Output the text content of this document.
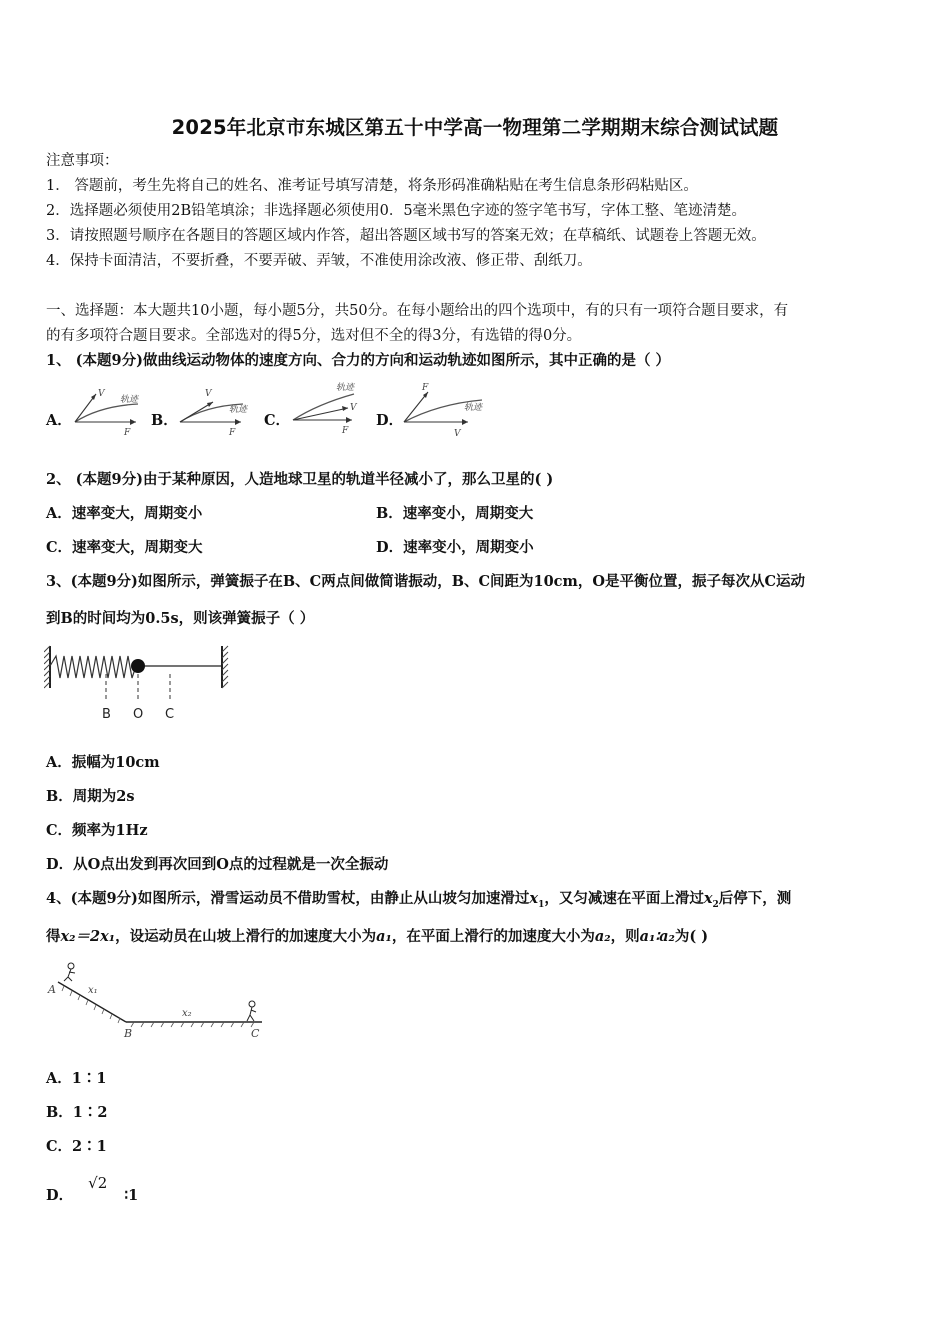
2025年北京市东城区第五十中学高一物理第二学期期末综合测试试题
注意事项：
1． 答题前，考生先将自己的姓名、准考证号填写清楚，将条形码准确粘贴在考生信息条形码粘贴区。
2．选择题必须使用2B铅笔填涂；非选择题必须使用0．5毫米黑色字迹的签字笔书写，字体工整、笔迹清楚。
3．请按照题号顺序在各题目的答题区域内作答，超出答题区域书写的答案无效；在草稿纸、试题卷上答题无效。
4．保持卡面清洁，不要折叠，不要弄破、弄皱，不准使用涂改液、修正带、刮纸刀。
一、选择题：本大题共10小题，每小题5分，共50分。在每小题给出的四个选项中，有的只有一项符合题目要求，有
的有多项符合题目要求。全部选对的得5分，选对但不全的得3分，有选错的得0分。
1、 (本题9分)做曲线运动物体的速度方向、合力的方向和运动轨迹如图所示，其中正确的是（ ）
A．
V
轨迹
F
B．
V
轨迹
F
C．
轨迹
V
F
D．
F
轨迹
V
2、 (本题9分)由于某种原因，人造地球卫星的轨道半径减小了，那么卫星的( )
A．速率变大，周期变小	B．速率变小，周期变大
C．速率变大，周期变大	D．速率变小，周期变小
3、(本题9分)如图所示，弹簧振子在B、C两点间做简谐振动，B、C间距为10cm，O是平衡位置，振子每次从C运动
到B的时间均为0.5s，则该弹簧振子（ ）
B O C
A．振幅为10cm
B．周期为2s
C．频率为1Hz
D．从O点出发到再次回到O点的过程就是一次全振动
4、(本题9分)如图所示，滑雪运动员不借助雪杖，由静止从山坡匀加速滑过$x_1$，又匀减速在平面上滑过$x_2$后停下，测
得x₂＝2x₁，设运动员在山坡上滑行的加速度大小为a₁，在平面上滑行的加速度大小为a₂，则a₁∶a₂为( )
A	x₁
x₂
B	C
A．1∶1
B．1∶2
C．2∶1
D． √2 ∶1
